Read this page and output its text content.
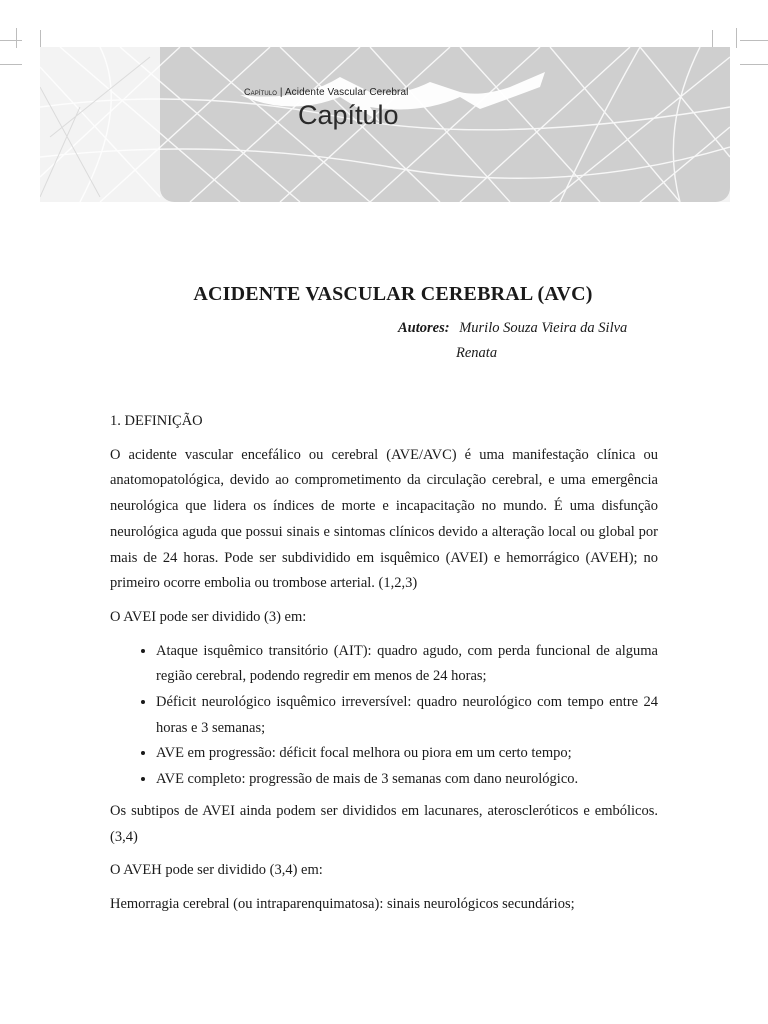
Capítulo | Acidente Vascular Cerebral
Capítulo
ACIDENTE VASCULAR CEREBRAL (AVC)
Autores: Murilo Souza Vieira da Silva
Renata
1. DEFINIÇÃO

O acidente vascular encefálico ou cerebral (AVE/AVC) é uma manifestação clínica ou anatomopatológica, devido ao comprometimento da circulação cerebral, e uma emergência neurológica que lidera os índices de morte e incapacitação no mundo. É uma disfunção neurológica aguda que possui sinais e sintomas clínicos devido a alteração local ou global por mais de 24 horas. Pode ser subdividido em isquêmico (AVEI) e hemorrágico (AVEH); no primeiro ocorre embolia ou trombose arterial. (1,2,3)

O AVEI pode ser dividido (3) em:

• Ataque isquêmico transitório (AIT): quadro agudo, com perda funcional de alguma região cerebral, podendo regredir em menos de 24 horas;
• Déficit neurológico isquêmico irreversível: quadro neurológico com tempo entre 24 horas e 3 semanas;
• AVE em progressão: déficit focal melhora ou piora em um certo tempo;
• AVE completo: progressão de mais de 3 semanas com dano neurológico.

Os subtipos de AVEI ainda podem ser divididos em lacunares, ateroscleróticos e embólicos. (3,4)

O AVEH pode ser dividido (3,4) em:

Hemorragia cerebral (ou intraparenquimatosa): sinais neurológicos secundários;
